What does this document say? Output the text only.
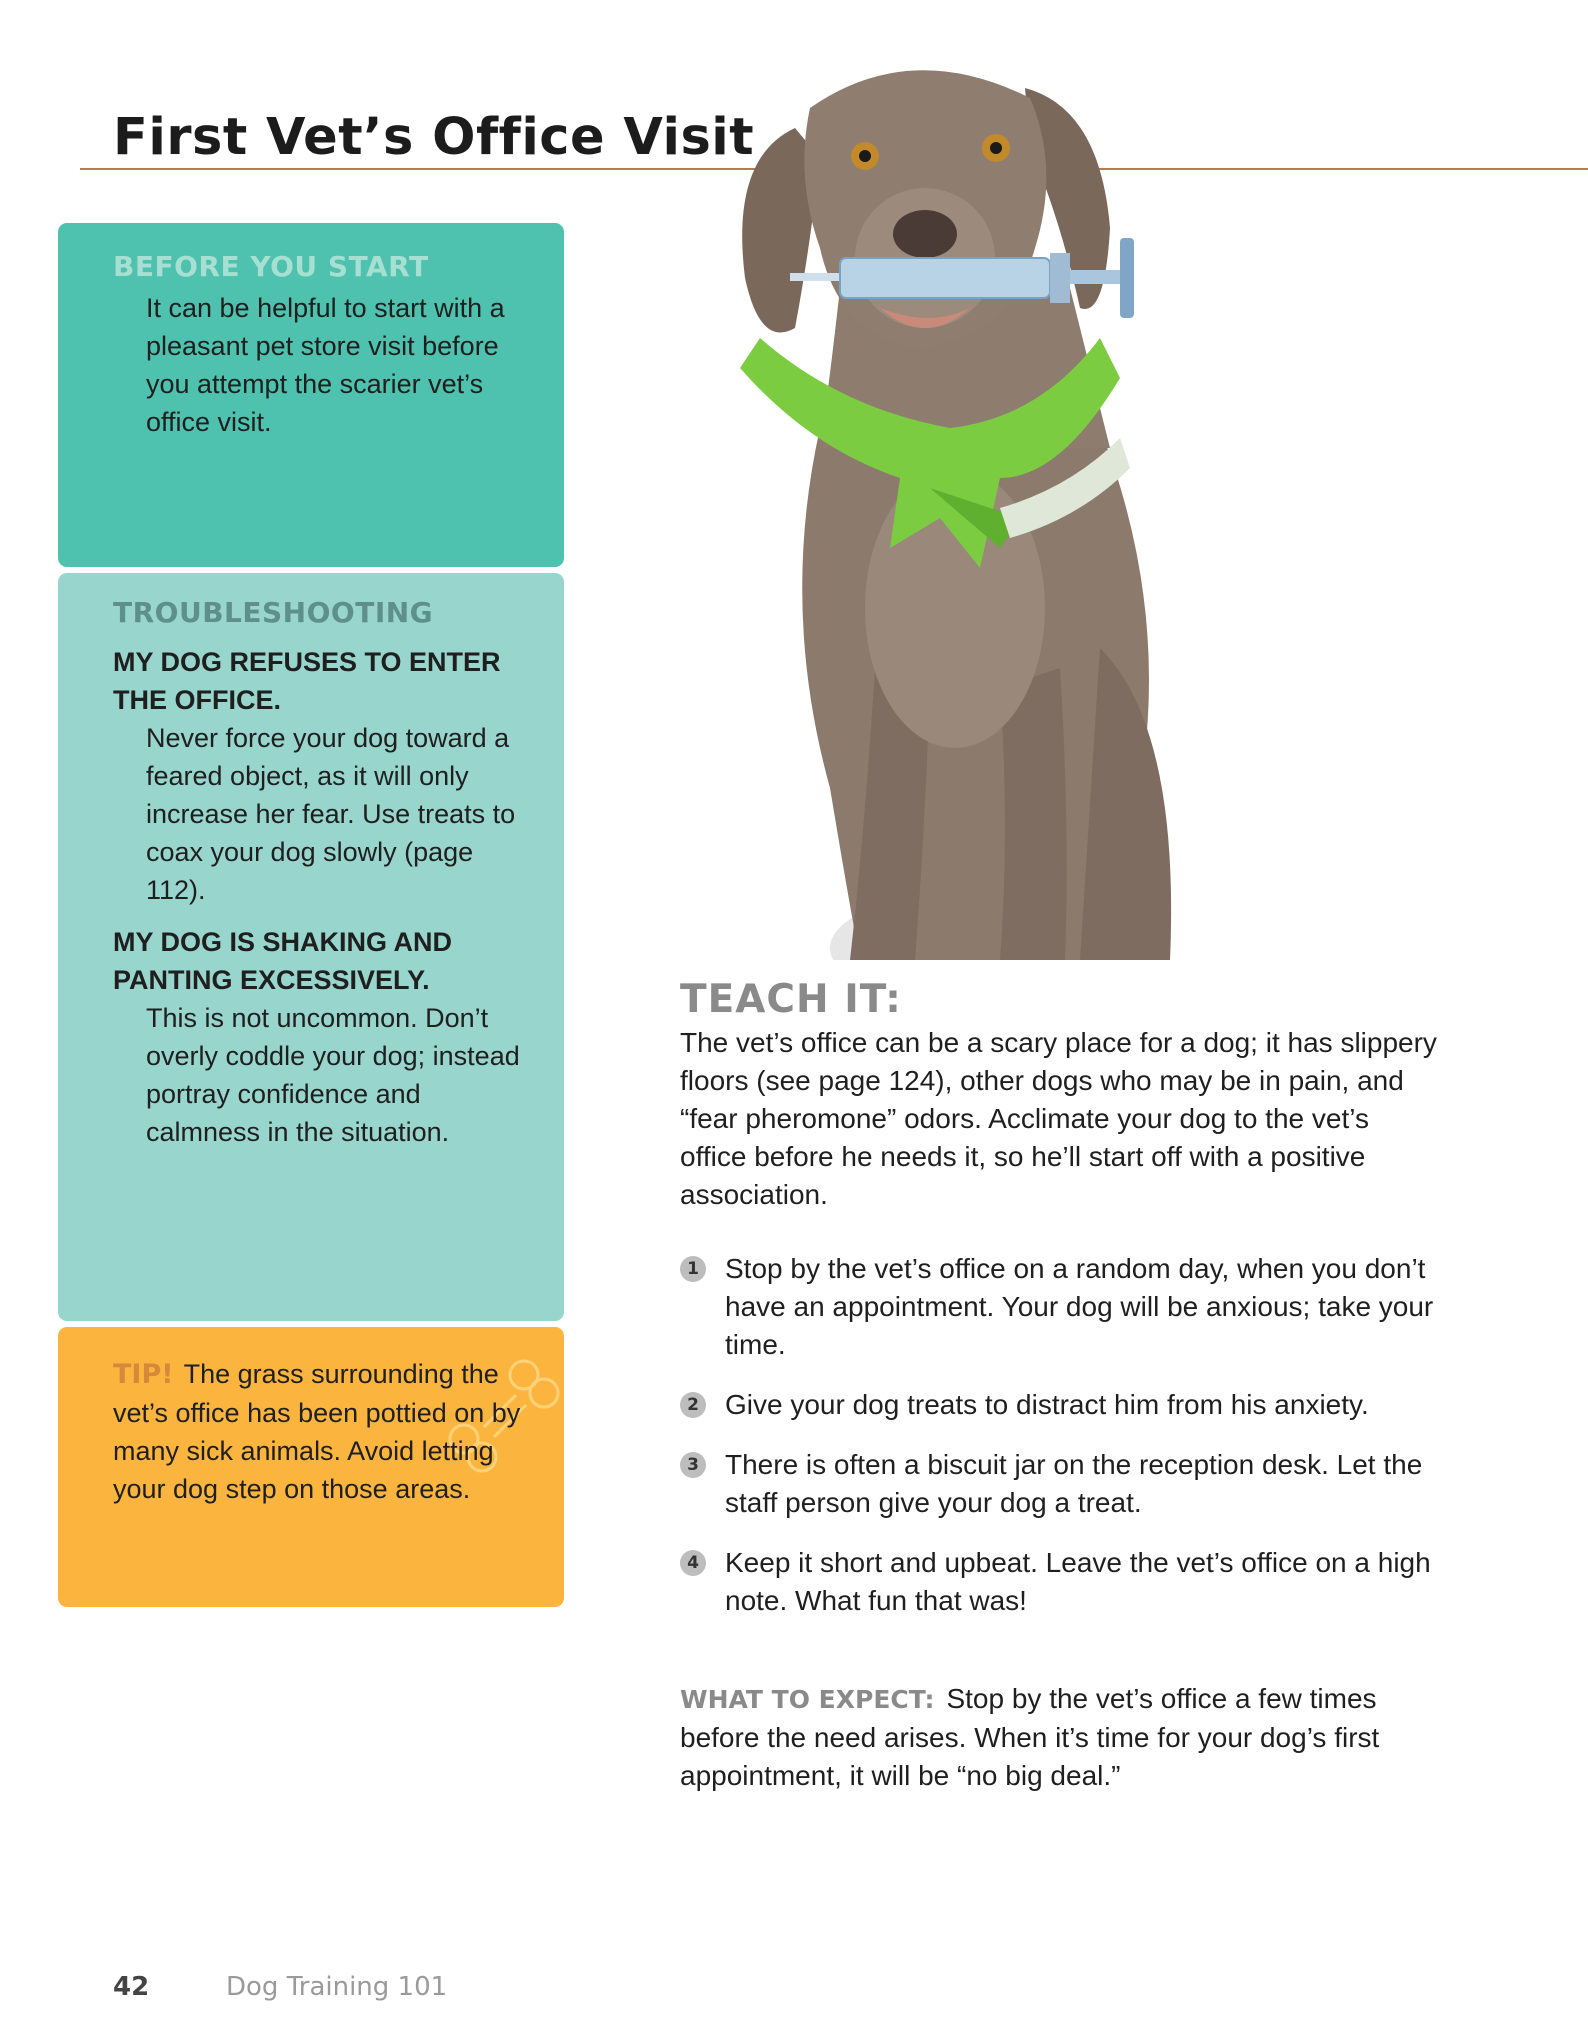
First Vet’s Office Visit
BEFORE YOU START
It can be helpful to start with a pleasant pet store visit before you attempt the scarier vet’s office visit.
TROUBLESHOOTING
MY DOG REFUSES TO ENTER THE OFFICE.
Never force your dog toward a feared object, as it will only increase her fear. Use treats to coax your dog slowly (page 112).
MY DOG IS SHAKING AND PANTING EXCESSIVELY.
This is not uncommon. Don’t overly coddle your dog; instead portray confidence and calmness in the situation.
TIP! The grass surrounding the vet’s office has been pottied on by many sick animals. Avoid letting your dog step on those areas.
TEACH IT:
The vet’s office can be a scary place for a dog; it has slippery floors (see page 124), other dogs who may be in pain, and “fear pheromone” odors. Acclimate your dog to the vet’s office before he needs it, so he’ll start off with a positive association.
1 Stop by the vet’s office on a random day, when you don’t have an appointment. Your dog will be anxious; take your time.
2 Give your dog treats to distract him from his anxiety.
3 There is often a biscuit jar on the reception desk. Let the staff person give your dog a treat.
4 Keep it short and upbeat. Leave the vet’s office on a high note. What fun that was!
WHAT TO EXPECT: Stop by the vet’s office a few times before the need arises. When it’s time for your dog’s first appointment, it will be “no big deal.”
42	Dog Training 101
